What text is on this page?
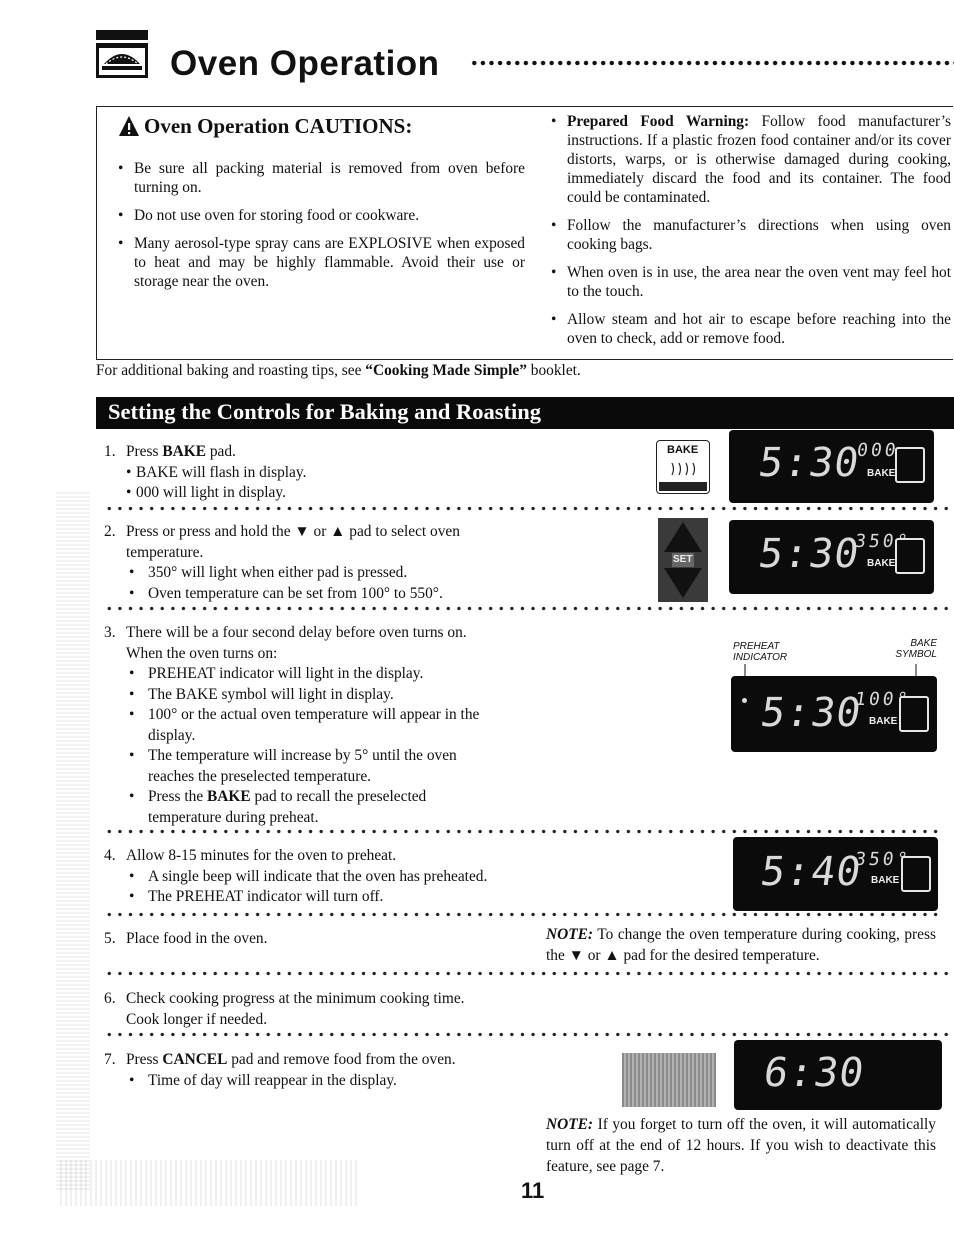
Oven Operation
Oven Operation CAUTIONS:
• Be sure all packing material is removed from oven before turning on.
• Do not use oven for storing food or cookware.
• Many aerosol-type spray cans are EXPLOSIVE when exposed to heat and may be highly flammable. Avoid their use or storage near the oven.
• Prepared Food Warning: Follow food manufacturer’s instructions. If a plastic frozen food container and/or its cover distorts, warps, or is otherwise damaged during cooking, immediately discard the food and its container. The food could be contaminated.
• Follow the manufacturer’s directions when using oven cooking bags.
• When oven is in use, the area near the oven vent may feel hot to the touch.
• Allow steam and hot air to escape before reaching into the oven to check, add or remove food.
For additional baking and roasting tips, see “Cooking Made Simple” booklet.
Setting the Controls for Baking and Roasting
1. Press BAKE pad.
• BAKE will flash in display.
• 000 will light in display.
BAKE 5:30
000
BAKE
2. Press or press and hold the ▼ or ▲ pad to select oven
temperature.
• 350° will light when either pad is pressed.
• Oven temperature can be set from 100° to 550°.
SET 5:30
350°
BAKE
3. There will be a four second delay before oven turns on.
When the oven turns on:
• PREHEAT indicator will light in the display.
• The BAKE symbol will light in display.
• 100° or the actual oven temperature will appear in the display.
• The temperature will increase by 5° until the oven reaches the preselected temperature.
• Press the BAKE pad to recall the preselected temperature during preheat.
PREHEAT
INDICATOR
BAKE
SYMBOL
5:30
100°
BAKE
4. Allow 8-15 minutes for the oven to preheat.
• A single beep will indicate that the oven has preheated.
• The PREHEAT indicator will turn off.
5:40
350°
BAKE
5. Place food in the oven.	NOTE: To change the oven temperature during cooking, press the ▼ or ▲ pad for the desired temperature.
6. Check cooking progress at the minimum cooking time.
Cook longer if needed.
7. Press CANCEL pad and remove food from the oven.
• Time of day will reappear in the display.	6:30
NOTE: If you forget to turn off the oven, it will automatically turn off at the end of 12 hours. If you wish to deactivate this feature, see page 7.
11
